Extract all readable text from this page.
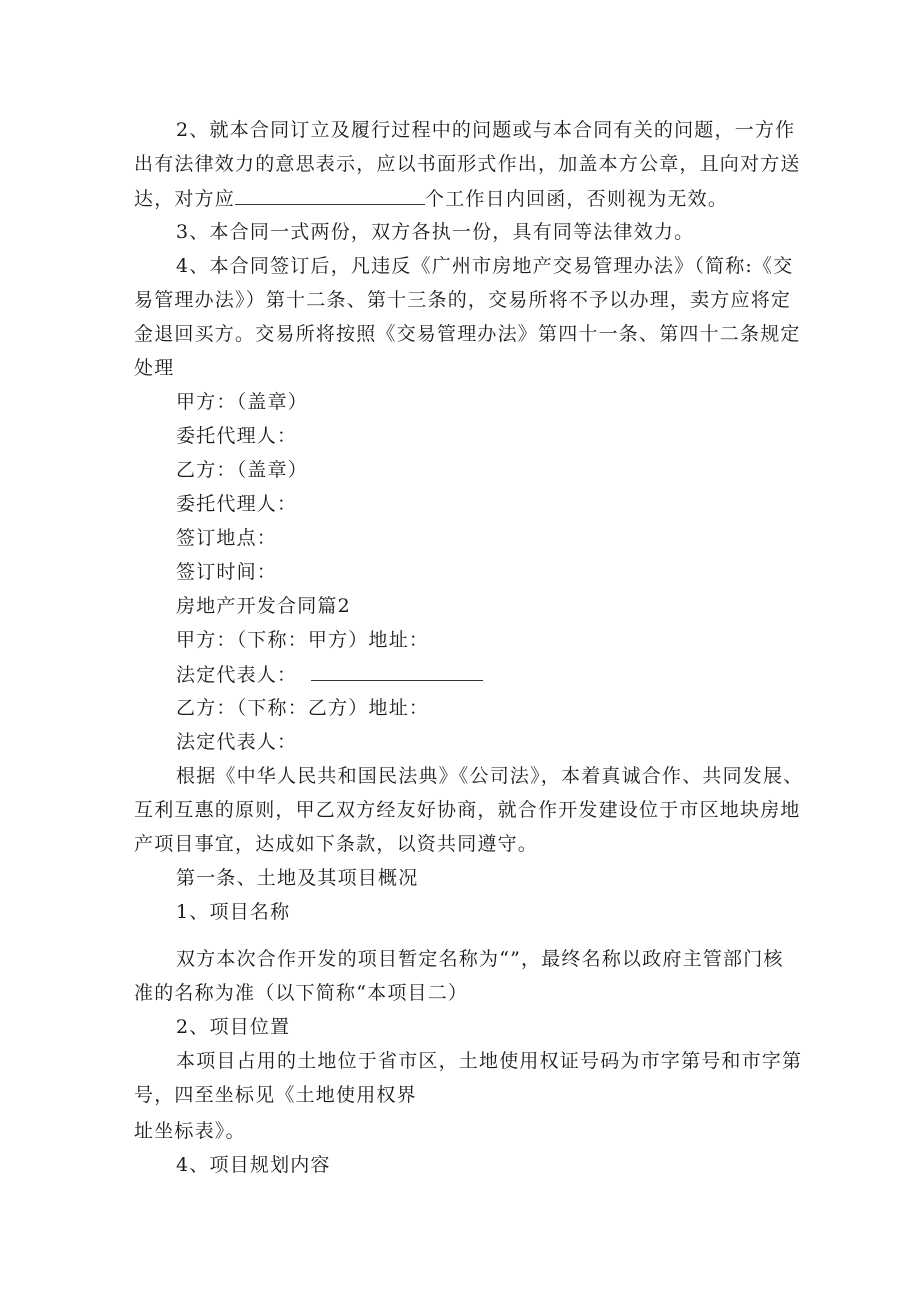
2、就本合同订立及履行过程中的问题或与本合同有关的问题，一方作
出有法律效力的意思表示，应以书面形式作出，加盖本方公章，且向对方送
达，对方应	个工作日内回函，否则视为无效。
3、本合同一式两份，双方各执一份，具有同等法律效力。
4、本合同签订后，凡违反《广州市房地产交易管理办法》（简称:《交
易管理办法》）第十二条、第十三条的，交易所将不予以办理，卖方应将定
金退回买方。交易所将按照《交易管理办法》第四十一条、第四十二条规定
处理
甲方：（盖章）
委托代理人：
乙方：（盖章）
委托代理人：
签订地点：
签订时间：
房地产开发合同篇2
甲方：（下称：甲方）地址：
法定代表人：
乙方：（下称：乙方）地址：
法定代表人：
根据《中华人民共和国民法典》《公司法》，本着真诚合作、共同发展、
互利互惠的原则，甲乙双方经友好协商，就合作开发建设位于市区地块房地
产项目事宜，达成如下条款，以资共同遵守。
第一条、土地及其项目概况
1、项目名称
双方本次合作开发的项目暂定名称为“”，最终名称以政府主管部门核
准的名称为准（以下简称“本项目二）
2、项目位置
本项目占用的土地位于省市区，土地使用权证号码为市字第号和市字第
号，四至坐标见《土地使用权界
址坐标表》。
4、项目规划内容
